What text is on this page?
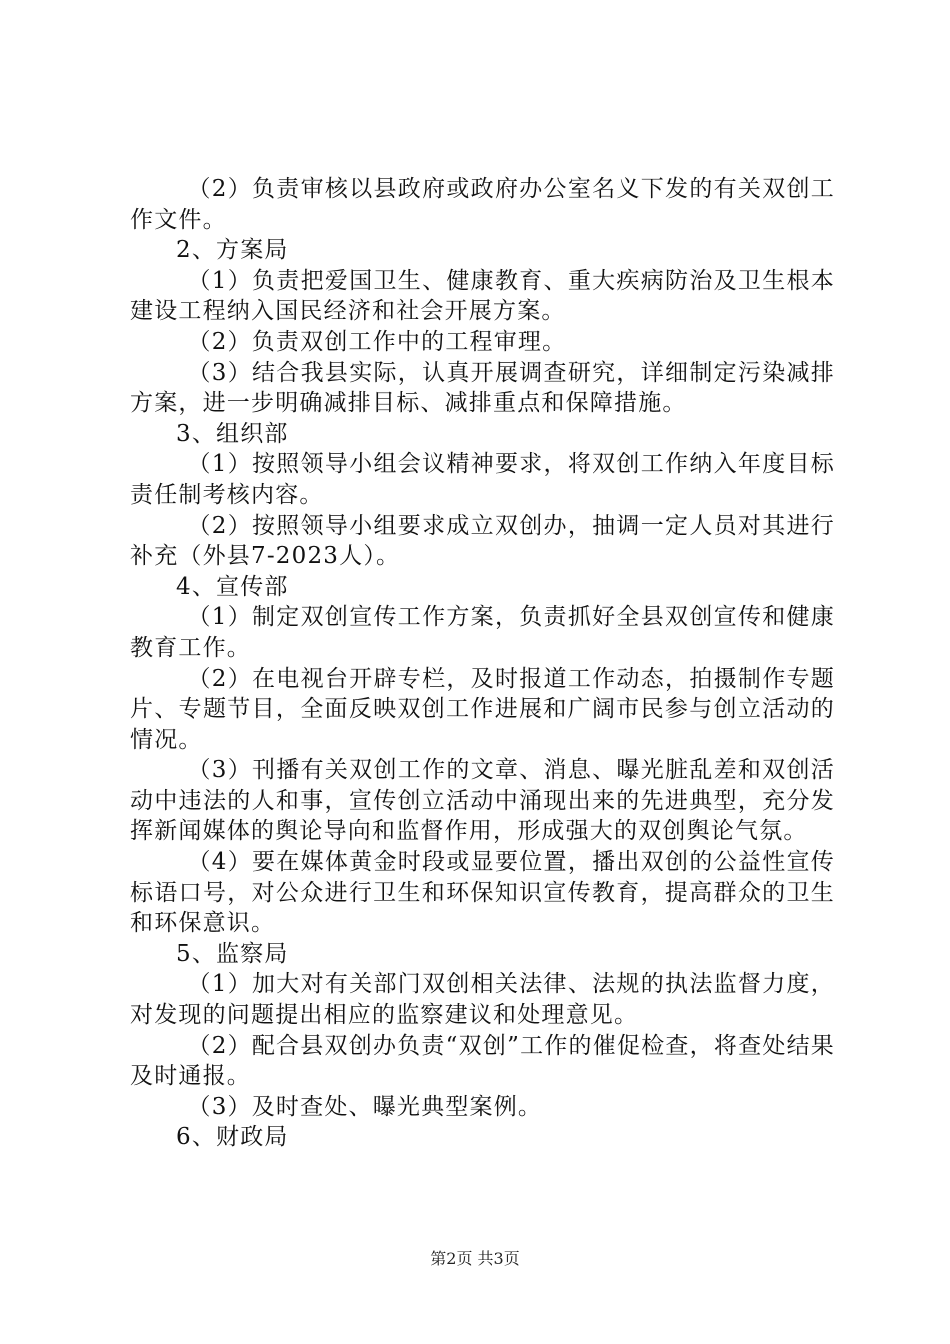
（2）负责审核以县政府或政府办公室名义下发的有关双创工作文件。

2、方案局

（1）负责把爱国卫生、健康教育、重大疾病防治及卫生根本建设工程纳入国民经济和社会开展方案。

（2）负责双创工作中的工程审理。

（3）结合我县实际，认真开展调查研究，详细制定污染减排方案，进一步明确减排目标、减排重点和保障措施。

3、组织部

（1）按照领导小组会议精神要求，将双创工作纳入年度目标责任制考核内容。

（2）按照领导小组要求成立双创办，抽调一定人员对其进行补充（外县7-2023人）。

4、宣传部

（1）制定双创宣传工作方案，负责抓好全县双创宣传和健康教育工作。

（2）在电视台开辟专栏，及时报道工作动态，拍摄制作专题片、专题节目，全面反映双创工作进展和广阔市民参与创立活动的情况。

（3）刊播有关双创工作的文章、消息、曝光脏乱差和双创活动中违法的人和事，宣传创立活动中涌现出来的先进典型，充分发挥新闻媒体的舆论导向和监督作用，形成强大的双创舆论气氛。

（4）要在媒体黄金时段或显要位置，播出双创的公益性宣传标语口号，对公众进行卫生和环保知识宣传教育，提高群众的卫生和环保意识。

5、监察局

（1）加大对有关部门双创相关法律、法规的执法监督力度，对发现的问题提出相应的监察建议和处理意见。

（2）配合县双创办负责“双创”工作的催促检查，将查处结果及时通报。

（3）及时查处、曝光典型案例。

6、财政局

第2页 共3页
